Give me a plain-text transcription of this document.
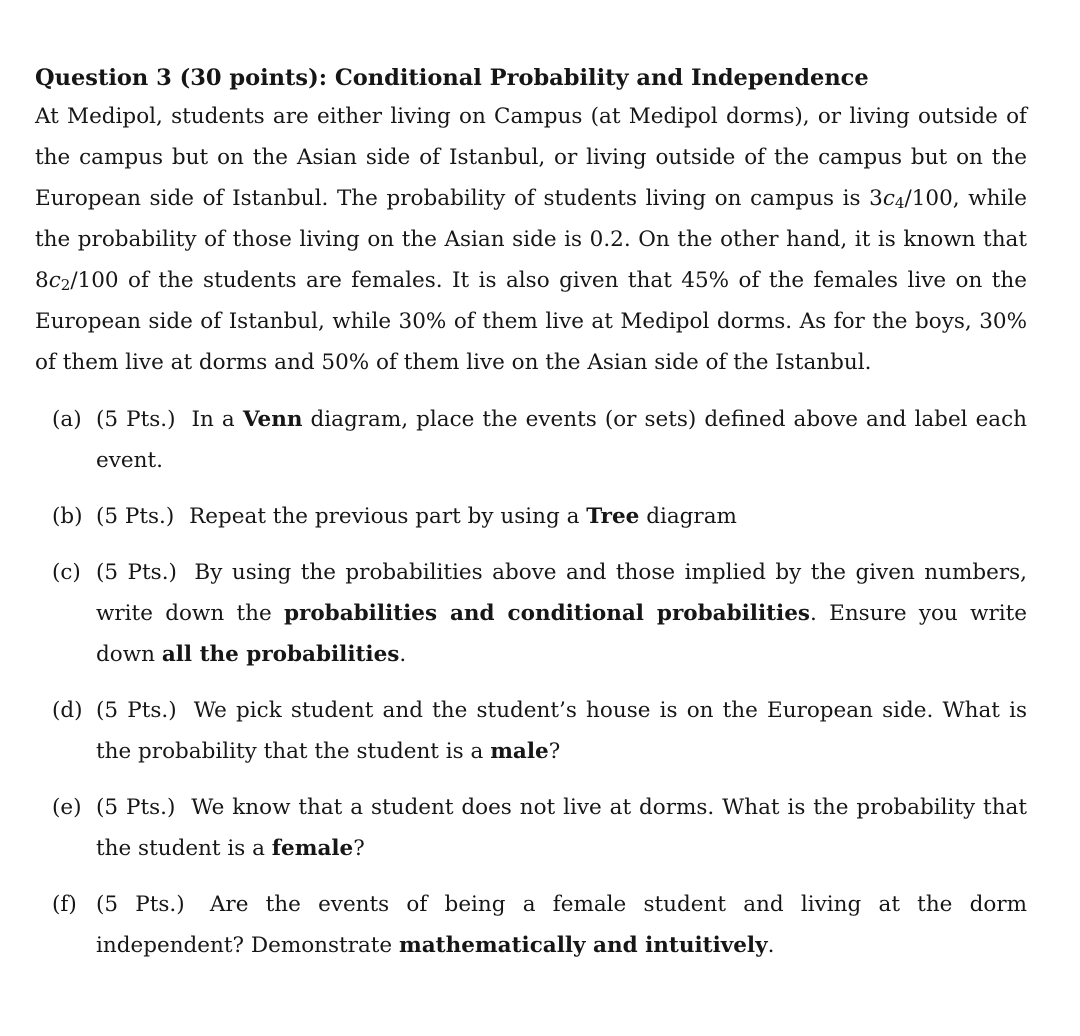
Question 3 (30 points): Conditional Probability and Independence

At Medipol, students are either living on Campus (at Medipol dorms), or living outside of the campus but on the Asian side of Istanbul, or living outside of the campus but on the European side of Istanbul. The probability of students living on campus is $3c_4/100$, while the probability of those living on the Asian side is 0.2. On the other hand, it is known that $8c_2/100$ of the students are females. It is also given that 45% of the females live on the European side of Istanbul, while 30% of them live at Medipol dorms. As for the boys, 30% of them live at dorms and 50% of them live on the Asian side of the Istanbul.

(a) (5 Pts.) In a Venn diagram, place the events (or sets) defined above and label each event.
(b) (5 Pts.) Repeat the previous part by using a Tree diagram
(c) (5 Pts.) By using the probabilities above and those implied by the given numbers, write down the probabilities and conditional probabilities. Ensure you write down all the probabilities.
(d) (5 Pts.) We pick student and the student’s house is on the European side. What is the probability that the student is a male?
(e) (5 Pts.) We know that a student does not live at dorms. What is the probability that the student is a female?
(f) (5 Pts.) Are the events of being a female student and living at the dorm independent? Demonstrate mathematically and intuitively.
